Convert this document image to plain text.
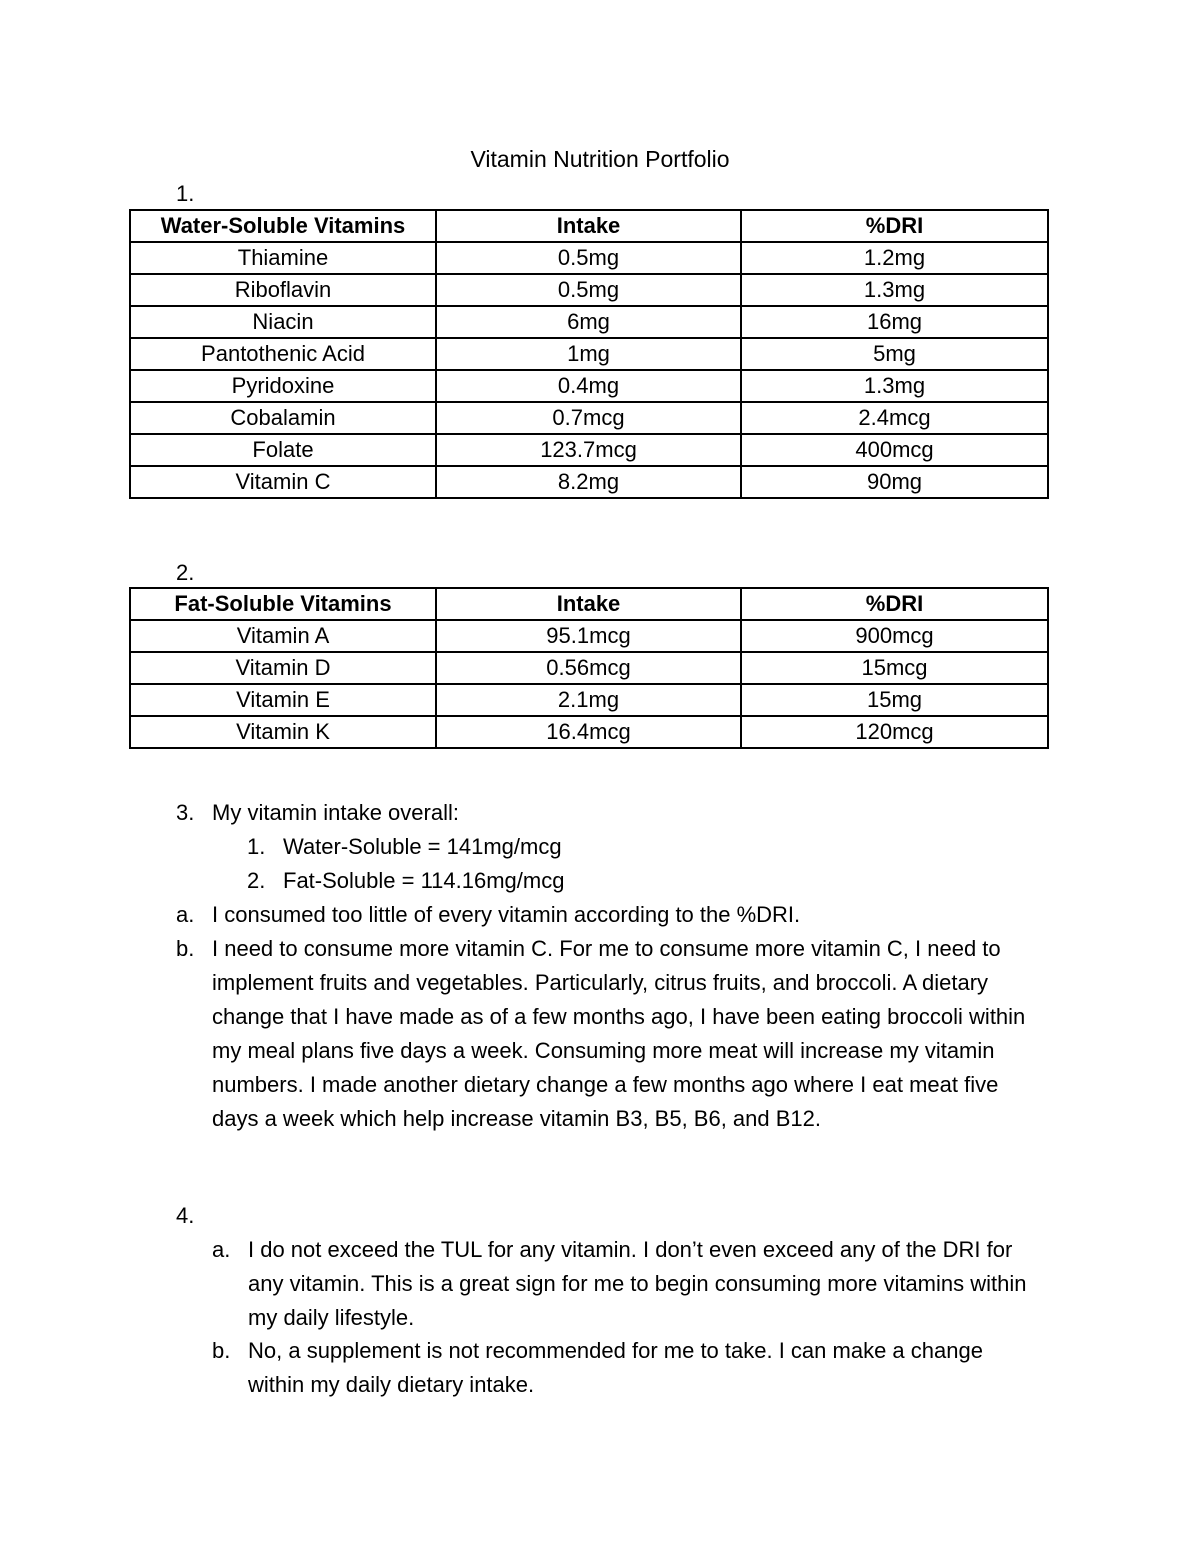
Vitamin Nutrition Portfolio
1.
Water-Soluble Vitamins	Intake	%DRI
Thiamine	0.5mg	1.2mg
Riboflavin	0.5mg	1.3mg
Niacin	6mg	16mg
Pantothenic Acid	1mg	5mg
Pyridoxine	0.4mg	1.3mg
Cobalamin	0.7mcg	2.4mcg
Folate	123.7mcg	400mcg
Vitamin C	8.2mg	90mg
2.
Fat-Soluble Vitamins	Intake	%DRI
Vitamin A	95.1mcg	900mcg
Vitamin D	0.56mcg	15mcg
Vitamin E	2.1mg	15mg
Vitamin K	16.4mcg	120mcg
3. My vitamin intake overall:
1. Water-Soluble = 141mg/mcg
2. Fat-Soluble = 114.16mg/mcg
a. I consumed too little of every vitamin according to the %DRI.
b. I need to consume more vitamin C. For me to consume more vitamin C, I need to implement fruits and vegetables. Particularly, citrus fruits, and broccoli. A dietary change that I have made as of a few months ago, I have been eating broccoli within my meal plans five days a week. Consuming more meat will increase my vitamin numbers. I made another dietary change a few months ago where I eat meat five days a week which help increase vitamin B3, B5, B6, and B12.
4.
a. I do not exceed the TUL for any vitamin. I don’t even exceed any of the DRI for any vitamin. This is a great sign for me to begin consuming more vitamins within my daily lifestyle.
b. No, a supplement is not recommended for me to take. I can make a change within my daily dietary intake.
